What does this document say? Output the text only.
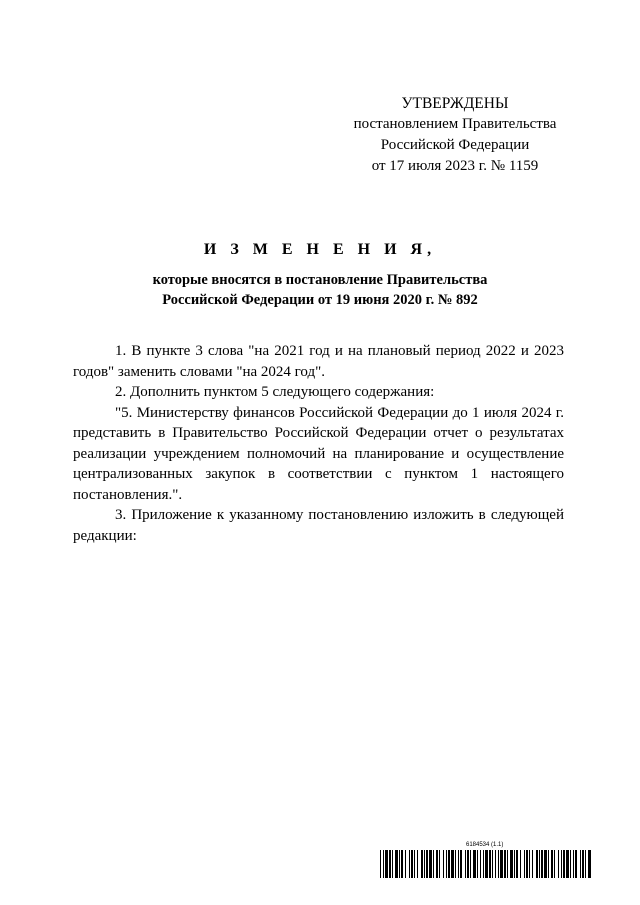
УТВЕРЖДЕНЫ
постановлением Правительства
Российской Федерации
от 17 июля 2023 г. № 1159
И З М Е Н Е Н И Я,
которые вносятся в постановление Правительства
Российской Федерации от 19 июня 2020 г. № 892

1. В пункте 3 слова "на 2021 год и на плановый период 2022 и 2023 годов" заменить словами "на 2024 год".

2. Дополнить пунктом 5 следующего содержания:

"5. Министерству финансов Российской Федерации до 1 июля 2024 г. представить в Правительство Российской Федерации отчет о результатах реализации учреждением полномочий на планирование и осуществление централизованных закупок в соответствии с пунктом 1 настоящего постановления.".

3. Приложение к указанному постановлению изложить в следующей редакции:

6184534 (1.1)
